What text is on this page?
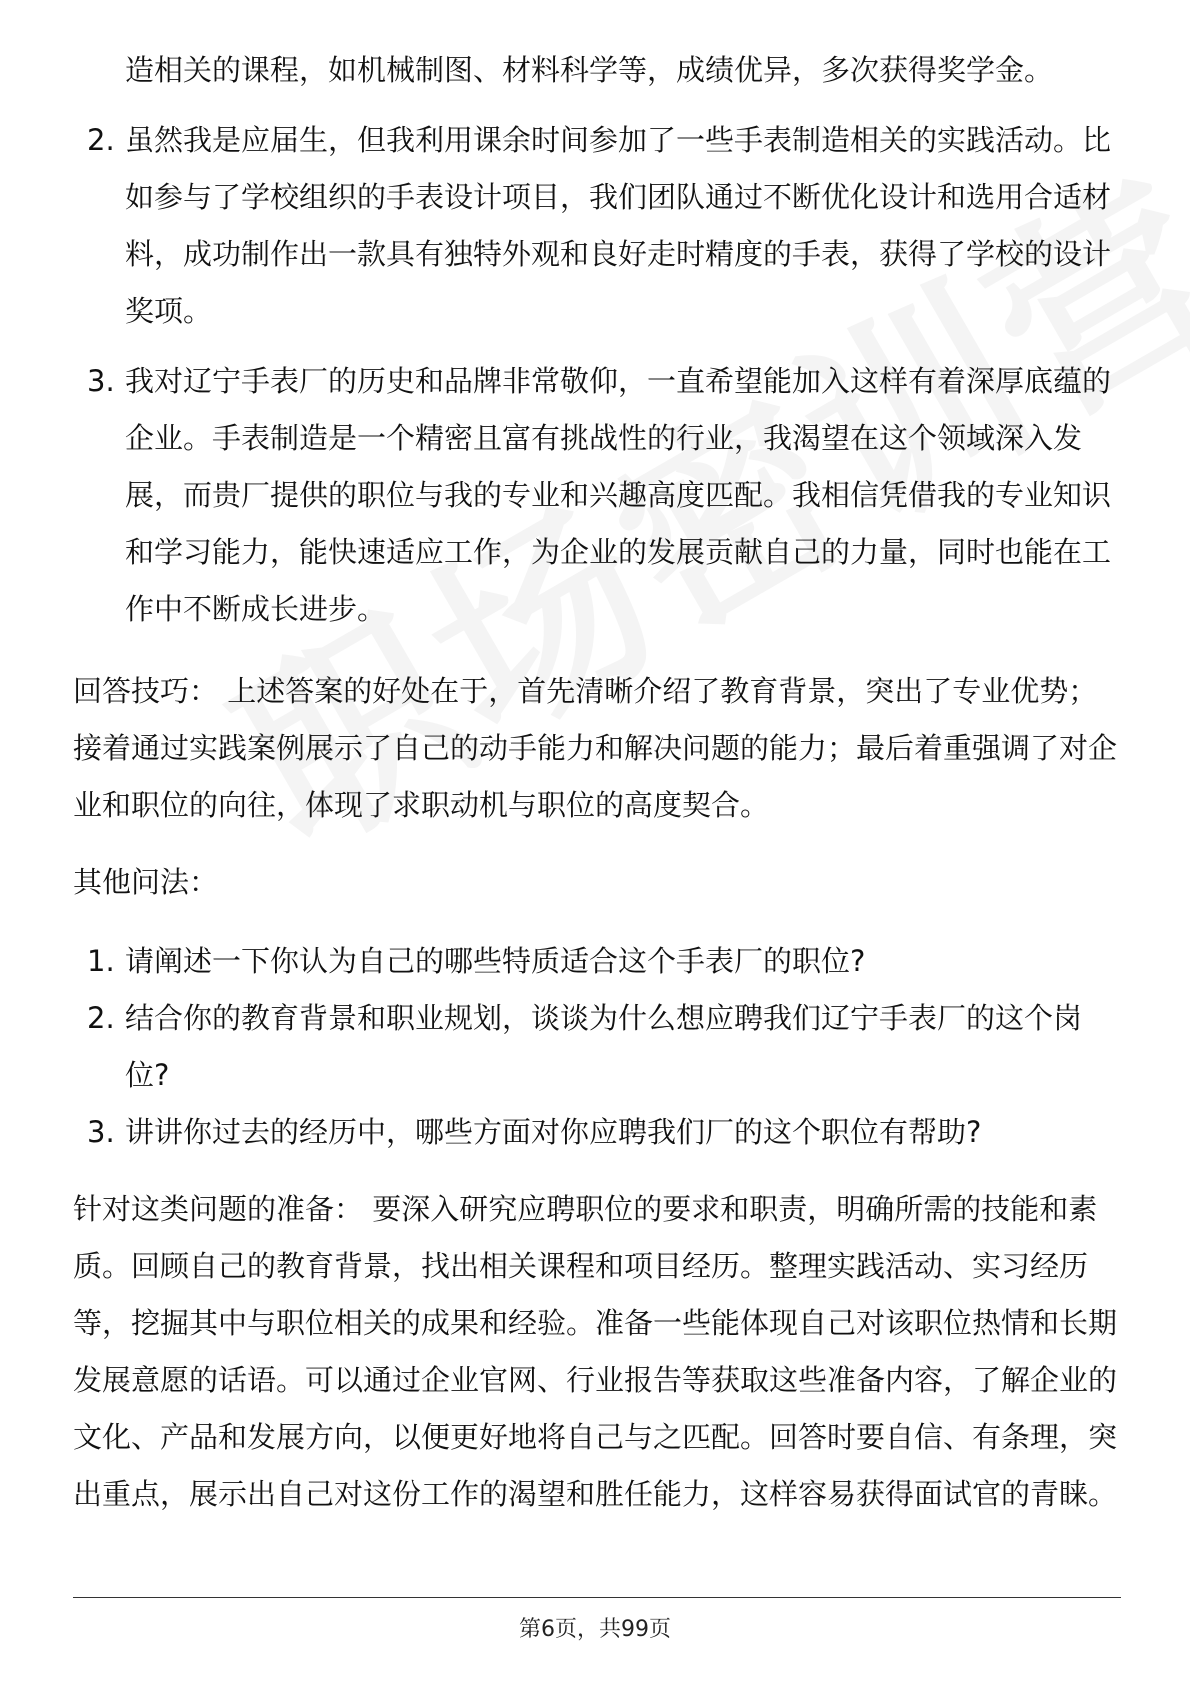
造相关的课程，如机械制图、材料科学等，成绩优异，多次获得奖学金。

2. 虽然我是应届生，但我利用课余时间参加了一些手表制造相关的实践活动。比如参与了学校组织的手表设计项目，我们团队通过不断优化设计和选用合适材料，成功制作出一款具有独特外观和良好走时精度的手表，获得了学校的设计奖项。
3. 我对辽宁手表厂的历史和品牌非常敬仰，一直希望能加入这样有着深厚底蕴的企业。手表制造是一个精密且富有挑战性的行业，我渴望在这个领域深入发展，而贵厂提供的职位与我的专业和兴趣高度匹配。我相信凭借我的专业知识和学习能力，能快速适应工作，为企业的发展贡献自己的力量，同时也能在工作中不断成长进步。

回答技巧： 上述答案的好处在于，首先清晰介绍了教育背景，突出了专业优势；接着通过实践案例展示了自己的动手能力和解决问题的能力；最后着重强调了对企业和职位的向往，体现了求职动机与职位的高度契合。

其他问法：

1. 请阐述一下你认为自己的哪些特质适合这个手表厂的职位?
2. 结合你的教育背景和职业规划，谈谈为什么想应聘我们辽宁手表厂的这个岗位?
3. 讲讲你过去的经历中，哪些方面对你应聘我们厂的这个职位有帮助?

针对这类问题的准备： 要深入研究应聘职位的要求和职责，明确所需的技能和素质。回顾自己的教育背景，找出相关课程和项目经历。整理实践活动、实习经历等，挖掘其中与职位相关的成果和经验。准备一些能体现自己对该职位热情和长期发展意愿的话语。可以通过企业官网、行业报告等获取这些准备内容，了解企业的文化、产品和发展方向，以便更好地将自己与之匹配。回答时要自信、有条理，突出重点，展示出自己对这份工作的渴望和胜任能力，这样容易获得面试官的青睐。

第6页，共99页
